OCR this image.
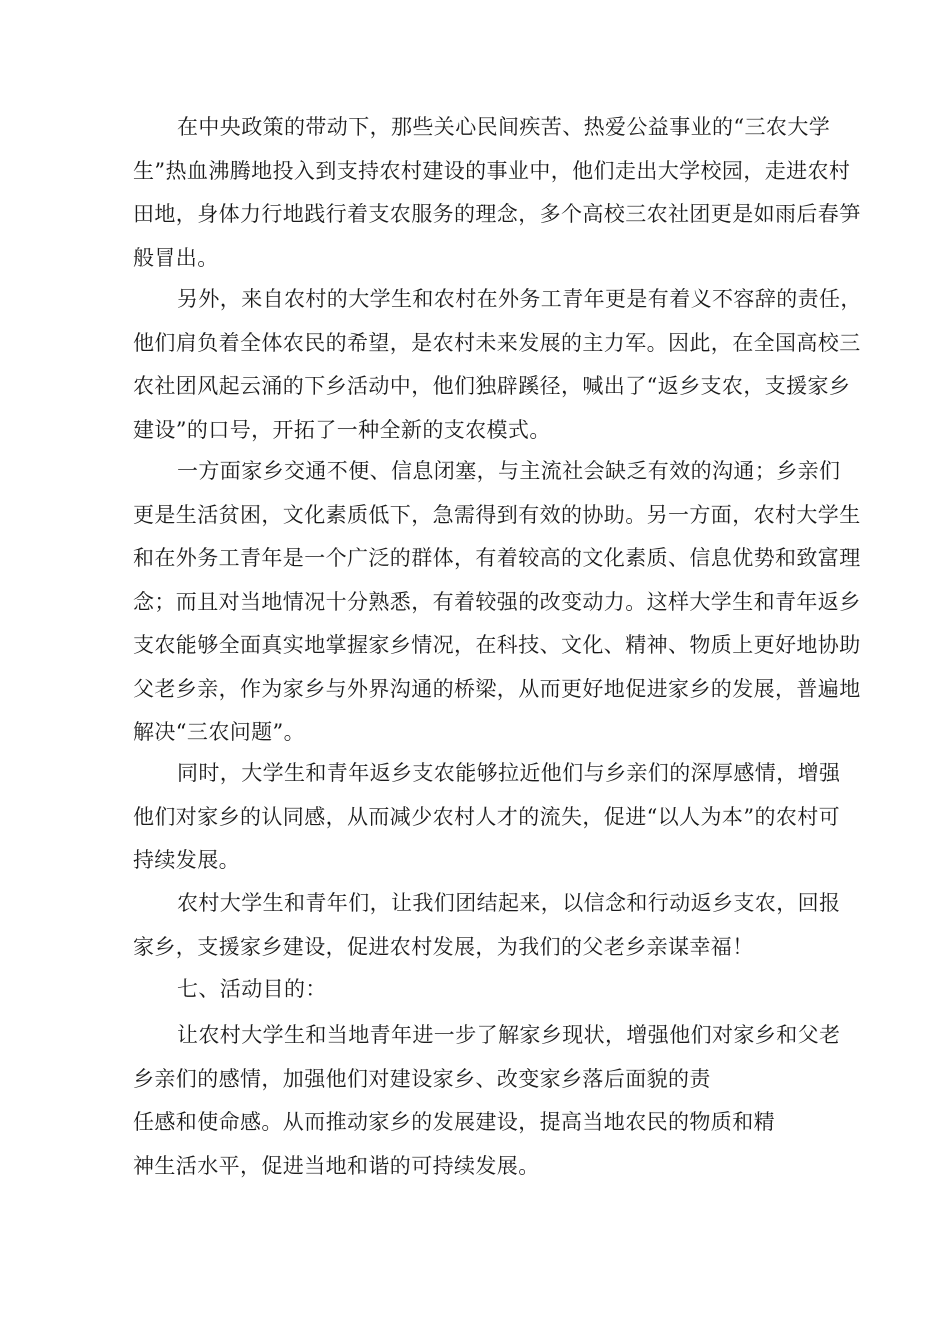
在中央政策的带动下，那些关心民间疾苦、热爱公益事业的“三农大学
生”热血沸腾地投入到支持农村建设的事业中，他们走出大学校园，走进农村
田地，身体力行地践行着支农服务的理念，多个高校三农社团更是如雨后春笋
般冒出。

另外，来自农村的大学生和农村在外务工青年更是有着义不容辞的责任，
他们肩负着全体农民的希望，是农村未来发展的主力军。因此，在全国高校三
农社团风起云涌的下乡活动中，他们独辟蹊径，喊出了“返乡支农，支援家乡
建设”的口号，开拓了一种全新的支农模式。

一方面家乡交通不便、信息闭塞，与主流社会缺乏有效的沟通；乡亲们
更是生活贫困，文化素质低下，急需得到有效的协助。另一方面，农村大学生
和在外务工青年是一个广泛的群体，有着较高的文化素质、信息优势和致富理
念；而且对当地情况十分熟悉，有着较强的改变动力。这样大学生和青年返乡
支农能够全面真实地掌握家乡情况，在科技、文化、精神、物质上更好地协助
父老乡亲，作为家乡与外界沟通的桥梁，从而更好地促进家乡的发展，普遍地
解决“三农问题”。

同时，大学生和青年返乡支农能够拉近他们与乡亲们的深厚感情，增强
他们对家乡的认同感，从而减少农村人才的流失，促进“以人为本”的农村可
持续发展。

农村大学生和青年们，让我们团结起来，以信念和行动返乡支农，回报
家乡，支援家乡建设，促进农村发展，为我们的父老乡亲谋幸福！

七、活动目的：

让农村大学生和当地青年进一步了解家乡现状，增强他们对家乡和父老
乡亲们的感情，加强他们对建设家乡、改变家乡落后面貌的责
任感和使命感。从而推动家乡的发展建设，提高当地农民的物质和精
神生活水平，促进当地和谐的可持续发展。
